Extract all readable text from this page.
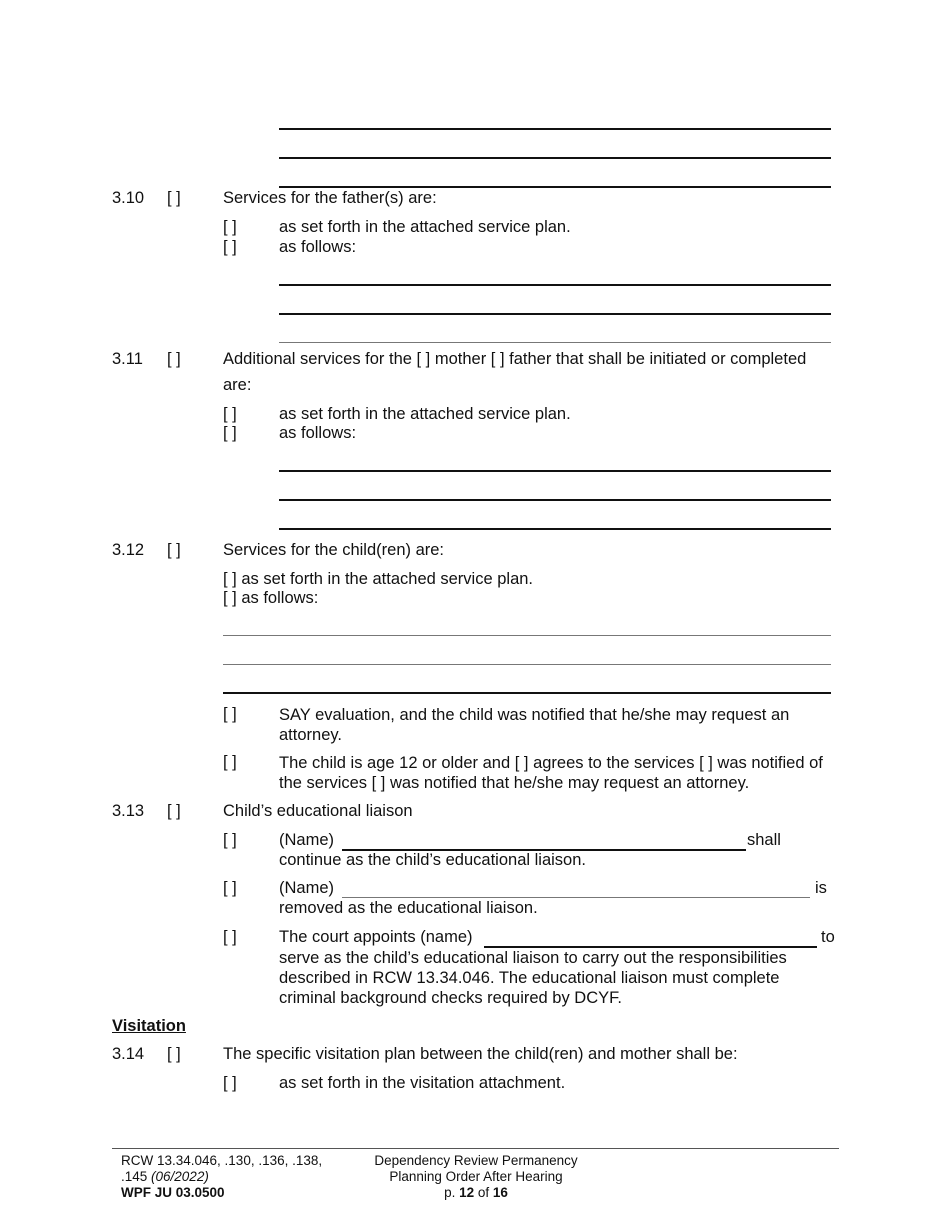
3.10 [ ]	Services for the father(s) are:
[ ]	as set forth in the attached service plan.
[ ]	as follows:
3.11 [ ]	Additional services for the [ ] mother [ ] father that shall be initiated or completed
are:
[ ]	as set forth in the attached service plan.
[ ]	as follows:
3.12 [ ]	Services for the child(ren) are:
[ ] as set forth in the attached service plan.
[ ] as follows:
[ ]	SAY evaluation, and the child was notified that he/she may request an attorney.
[ ]	The child is age 12 or older and [ ] agrees to the services [ ] was notified of the services [ ] was notified that he/she may request an attorney.
3.13 [ ]	Child’s educational liaison
[ ]	(Name)	shall
continue as the child’s educational liaison.
[ ]	(Name)	is
removed as the educational liaison.
[ ]	The court appoints (name)	to
serve as the child’s educational liaison to carry out the responsibilities described in RCW 13.34.046. The educational liaison must complete criminal background checks required by DCYF.
Visitation
3.14 [ ]	The specific visitation plan between the child(ren) and mother shall be:
[ ]	as set forth in the visitation attachment.
RCW 13.34.046, .130, .136, .138,
.145 (06/2022)
WPF JU 03.0500
Dependency Review Permanency
Planning Order After Hearing
p. 12 of 16
